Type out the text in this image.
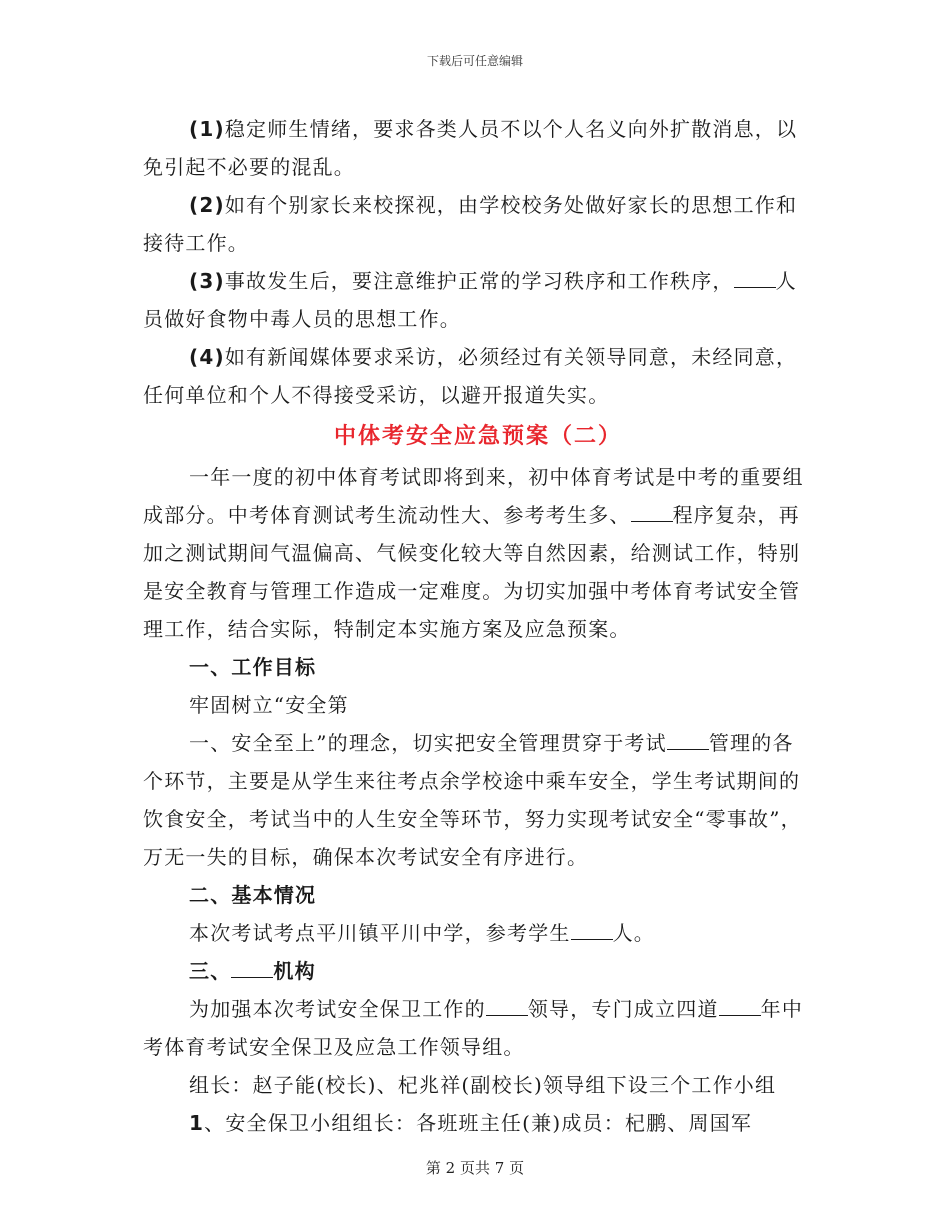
下载后可任意编辑

(1)稳定师生情绪，要求各类人员不以个人名义向外扩散消息，以免引起不必要的混乱。

(2)如有个别家长来校探视，由学校校务处做好家长的思想工作和接待工作。

(3)事故发生后，要注意维护正常的学习秩序和工作秩序， 人员做好食物中毒人员的思想工作。

(4)如有新闻媒体要求采访，必须经过有关领导同意，未经同意，任何单位和个人不得接受采访，以避开报道失实。

中体考安全应急预案（二）

一年一度的初中体育考试即将到来，初中体育考试是中考的重要组成部分。中考体育测试考生流动性大、参考考生多、 程序复杂，再加之测试期间气温偏高、气候变化较大等自然因素，给测试工作，特别是安全教育与管理工作造成一定难度。为切实加强中考体育考试安全管理工作，结合实际，特制定本实施方案及应急预案。

一、工作目标

牢固树立“安全第

一、安全至上”的理念，切实把安全管理贯穿于考试 管理的各个环节，主要是从学生来往考点余学校途中乘车安全，学生考试期间的饮食安全，考试当中的人生安全等环节，努力实现考试安全“零事故”，万无一失的目标，确保本次考试安全有序进行。

二、基本情况

本次考试考点平川镇平川中学，参考学生 人。

三、 机构

为加强本次考试安全保卫工作的 领导，专门成立四道 年中考体育考试安全保卫及应急工作领导组。

组长：赵子能(校长)、杞兆祥(副校长)领导组下设三个工作小组

1、安全保卫小组组长：各班班主任(兼)成员：杞鹏、周国军

第 2 页共 7 页
